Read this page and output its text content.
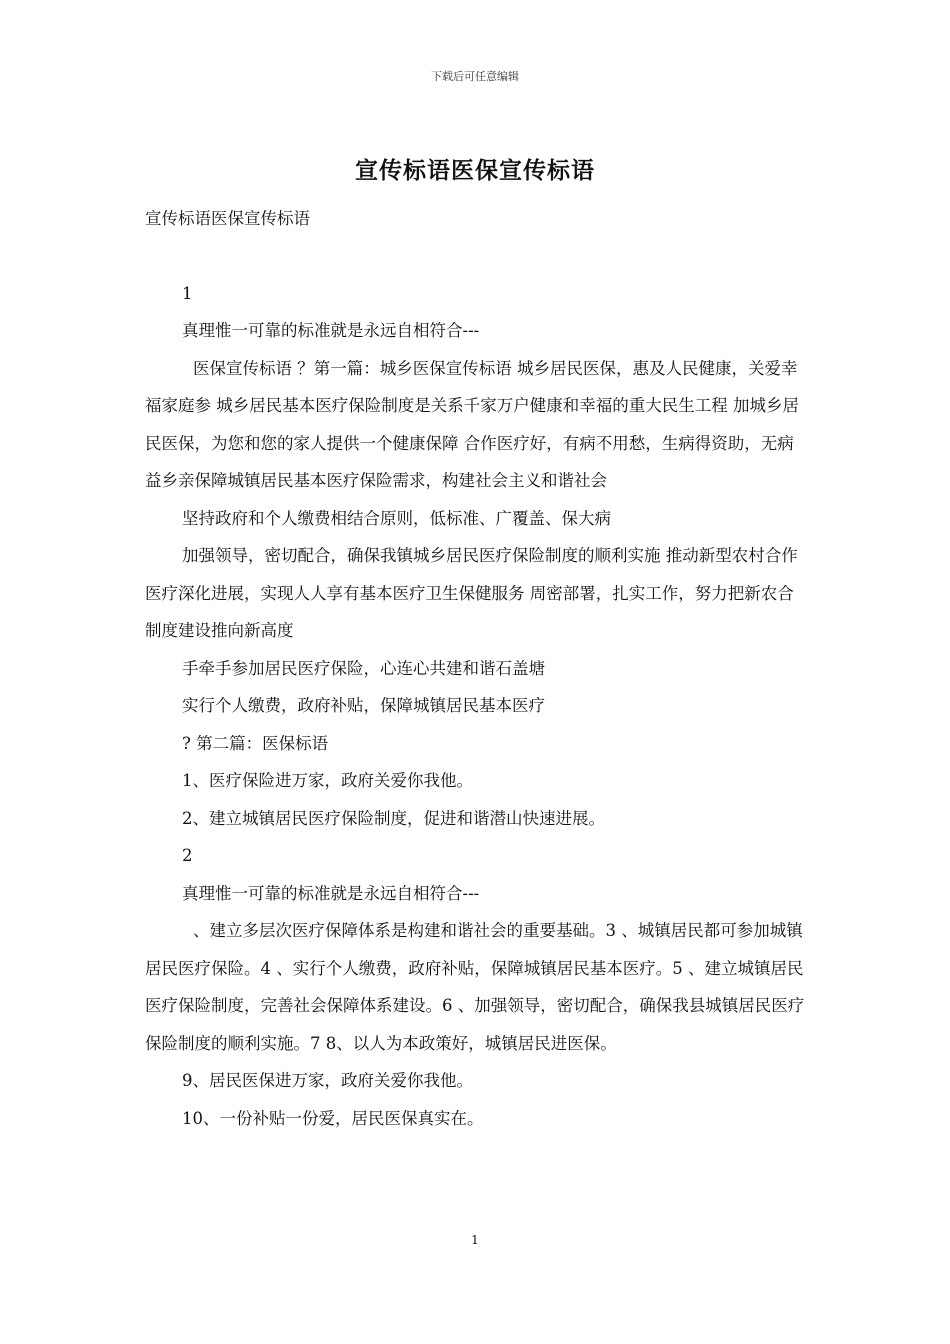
下载后可任意编辑
宣传标语医保宣传标语

宣传标语医保宣传标语

1

真理惟一可靠的标准就是永远自相符合---

医保宣传标语 ？第一篇：城乡医保宣传标语 城乡居民医保，惠及人民健康，关爱幸福家庭参 城乡居民基本医疗保险制度是关系千家万户健康和幸福的重大民生工程 加城乡居民医保，为您和您的家人提供一个健康保障 合作医疗好，有病不用愁，生病得资助，无病益乡亲保障城镇居民基本医疗保险需求，构建社会主义和谐社会

坚持政府和个人缴费相结合原则，低标准、广覆盖、保大病

加强领导，密切配合，确保我镇城乡居民医疗保险制度的顺利实施 推动新型农村合作医疗深化进展，实现人人享有基本医疗卫生保健服务 周密部署，扎实工作，努力把新农合制度建设推向新高度

手牵手参加居民医疗保险，心连心共建和谐石盖塘

实行个人缴费，政府补贴，保障城镇居民基本医疗

? 第二篇：医保标语

1、医疗保险进万家，政府关爱你我他。

2、建立城镇居民医疗保险制度，促进和谐潜山快速进展。

2

真理惟一可靠的标准就是永远自相符合---

、建立多层次医疗保障体系是构建和谐社会的重要基础。3 、城镇居民都可参加城镇居民医疗保险。4 、实行个人缴费，政府补贴，保障城镇居民基本医疗。5 、建立城镇居民医疗保险制度，完善社会保障体系建设。6 、加强领导，密切配合，确保我县城镇居民医疗保险制度的顺利实施。7 8、以人为本政策好，城镇居民进医保。

9、居民医保进万家，政府关爱你我他。

10、一份补贴一份爱，居民医保真实在。

1
